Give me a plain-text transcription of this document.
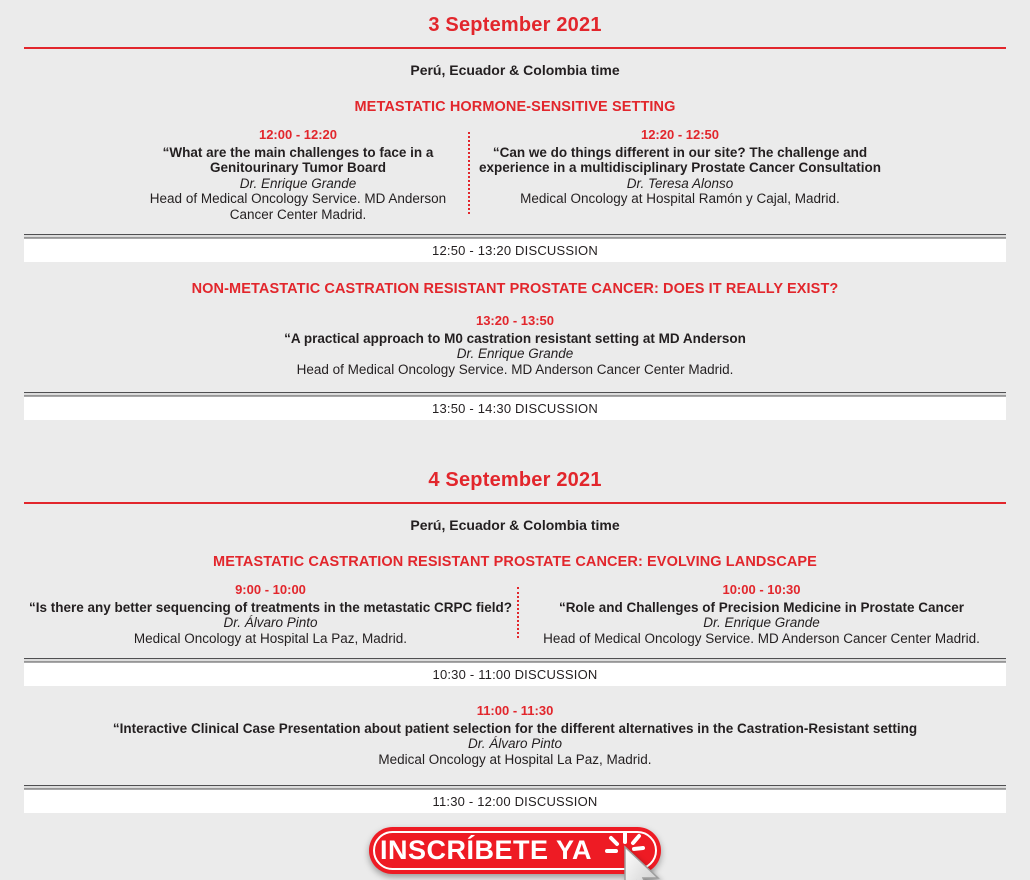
3 September 2021
Perú, Ecuador & Colombia time
METASTATIC HORMONE-SENSITIVE SETTING
12:00 - 12:20
“What are the main challenges to face in a Genitourinary Tumor Board
Dr. Enrique Grande
Head of Medical Oncology Service. MD Anderson Cancer Center Madrid.
12:20 - 12:50
“Can we do things different in our site? The challenge and experience in a multidisciplinary Prostate Cancer Consultation
Dr. Teresa Alonso
Medical Oncology at Hospital Ramón y Cajal, Madrid.
12:50 - 13:20 DISCUSSION
NON-METASTATIC CASTRATION RESISTANT PROSTATE CANCER: DOES IT REALLY EXIST?
13:20 - 13:50
“A practical approach to M0 castration resistant setting at MD Anderson
Dr. Enrique Grande
Head of Medical Oncology Service. MD Anderson Cancer Center Madrid.
13:50 - 14:30 DISCUSSION
4 September 2021
Perú, Ecuador & Colombia time
METASTATIC CASTRATION RESISTANT PROSTATE CANCER: EVOLVING LANDSCAPE
9:00 - 10:00
“Is there any better sequencing of treatments in the metastatic CRPC field?
Dr. Álvaro Pinto
Medical Oncology at Hospital La Paz, Madrid.
10:00 - 10:30
“Role and Challenges of Precision Medicine in Prostate Cancer
Dr. Enrique Grande
Head of Medical Oncology Service. MD Anderson Cancer Center Madrid.
10:30 - 11:00 DISCUSSION
11:00 - 11:30
“Interactive Clinical Case Presentation about patient selection for the different alternatives in the Castration-Resistant setting
Dr. Álvaro Pinto
Medical Oncology at Hospital La Paz, Madrid.
11:30 - 12:00 DISCUSSION
INSCRÍBETE YA
